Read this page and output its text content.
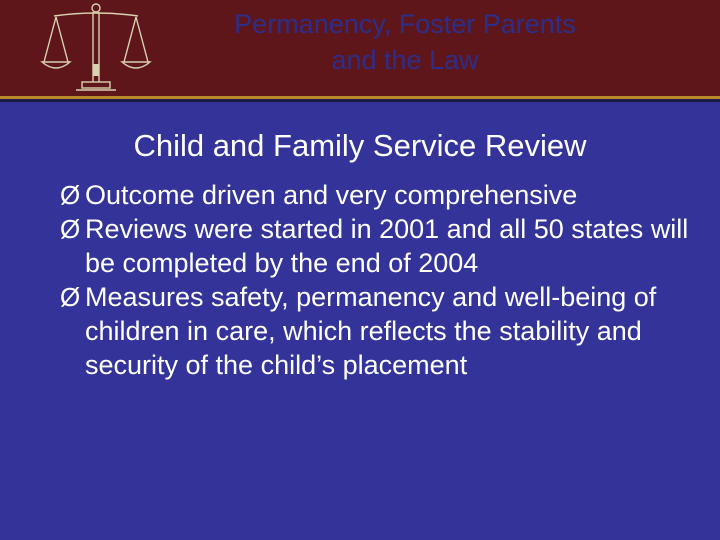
Permanency, Foster Parents
and the Law
Child and Family Service Review
Ø Outcome driven and very comprehensive
Ø Reviews were started in 2001 and all 50 states will be completed by the end of 2004
Ø Measures safety, permanency and well-being of children in care, which reflects the stability and security of the child’s placement
